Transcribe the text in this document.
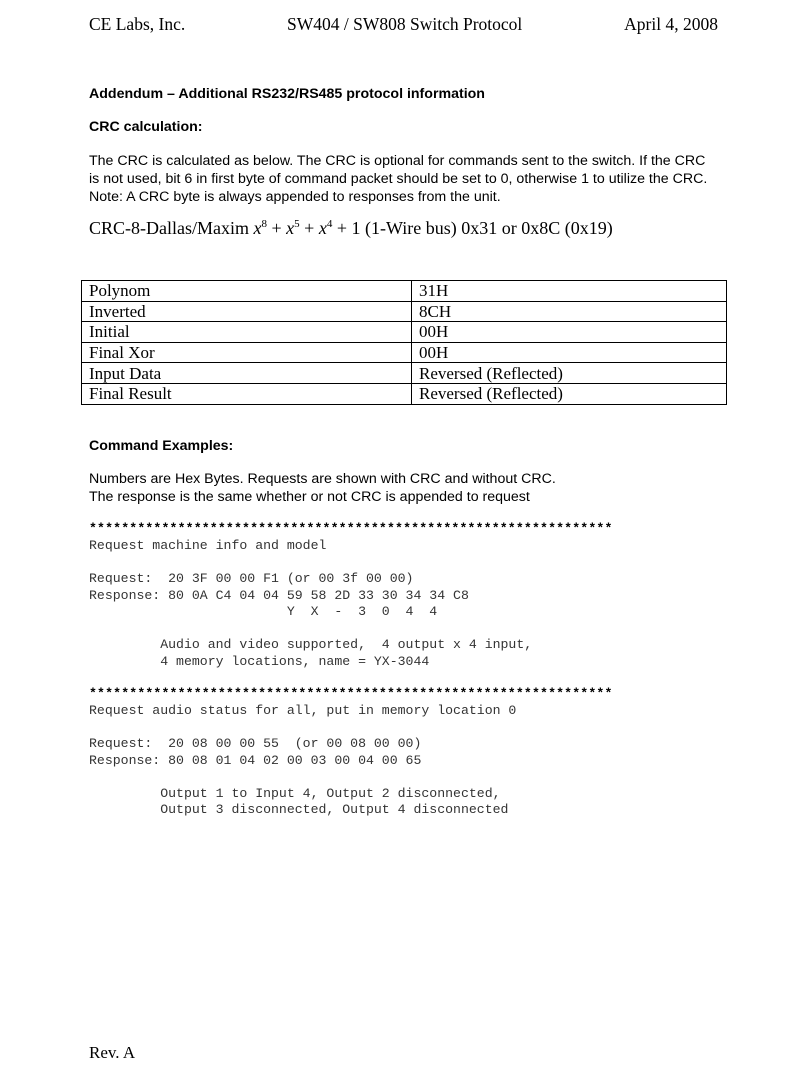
CE Labs, Inc.	SW404 / SW808 Switch Protocol	April 4, 2008
Addendum – Additional RS232/RS485 protocol information
CRC calculation:
The CRC is calculated as below. The CRC is optional for commands sent to the switch. If the CRC is not used, bit 6 in first byte of command packet should be set to 0, otherwise 1 to utilize the CRC. Note: A CRC byte is always appended to responses from the unit.
CRC-8-Dallas/Maxim $x^8 + x^5 + x^4 + 1$ (1-Wire bus) 0x31 or 0x8C (0x19)
Polynom	31H
Inverted	8CH
Initial	00H
Final Xor	00H
Input Data	Reversed (Reflected)
Final Result	Reversed (Reflected)
Command Examples:
Numbers are Hex Bytes. Requests are shown with CRC and without CRC.
The response is the same whether or not CRC is appended to request
*****************************************************************
Request machine info and model
Request:  20 3F 00 00 F1 (or 00 3f 00 00)
Response: 80 0A C4 04 04 59 58 2D 33 30 34 34 C8
Y  X  -  3  0  4  4
Audio and video supported,  4 output x 4 input,
4 memory locations, name = YX-3044
*****************************************************************
Request audio status for all, put in memory location 0
Request:  20 08 00 00 55  (or 00 08 00 00)
Response: 80 08 01 04 02 00 03 00 04 00 65
Output 1 to Input 4, Output 2 disconnected,
Output 3 disconnected, Output 4 disconnected
Rev. A
